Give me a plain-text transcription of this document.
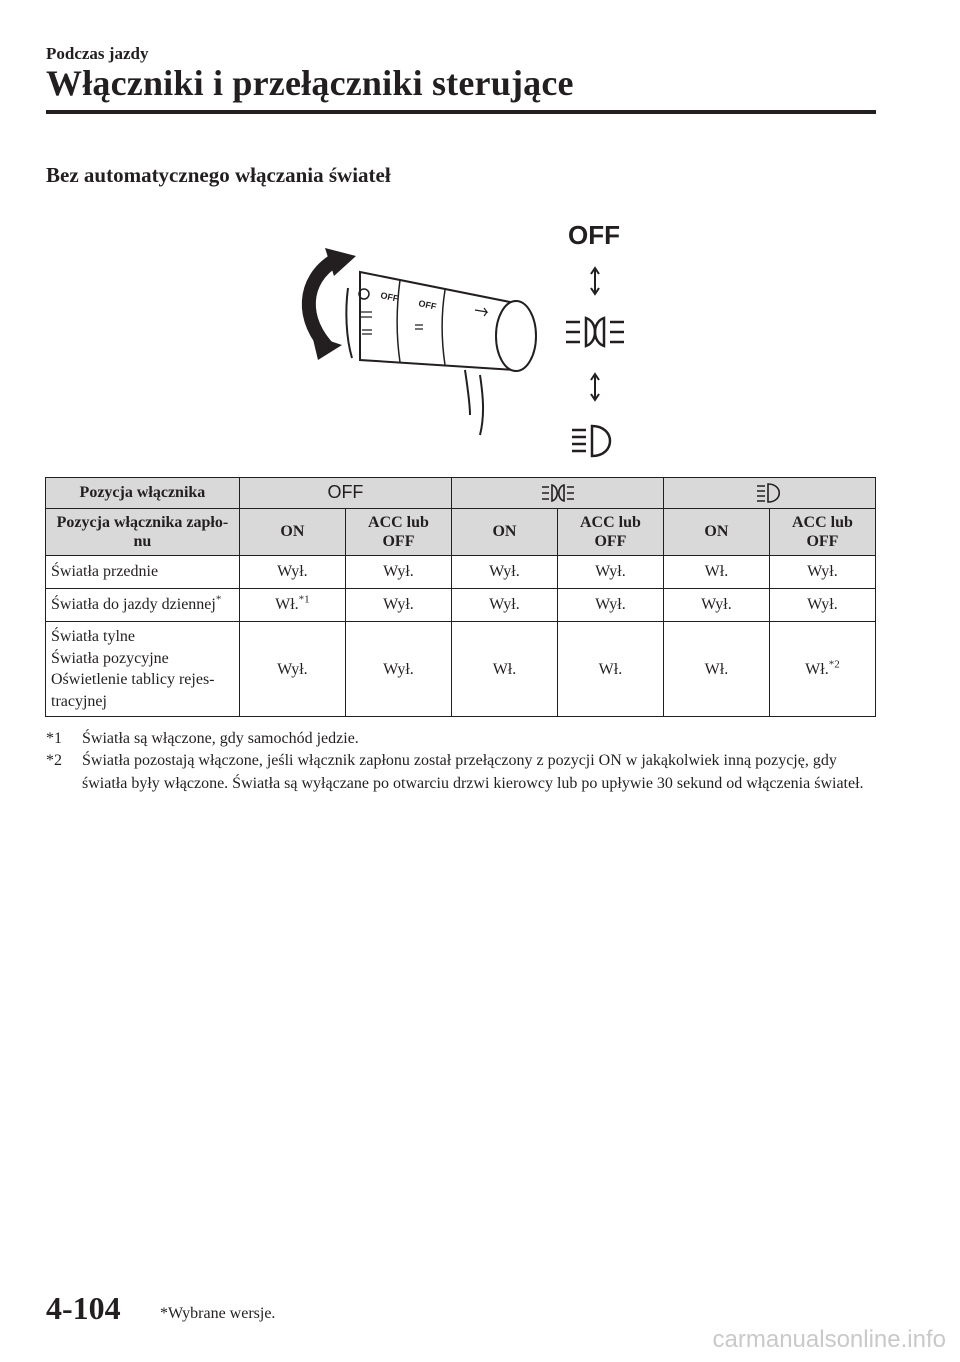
Podczas jazdy
Włączniki i przełączniki sterujące
Bez automatycznego włączania świateł
OFF
OFF
OFF
Pozycja włącznika	OFF	

Pozycja włącznika zapło-nu	ON	ACC lub OFF	ON	ACC lub OFF	ON	ACC lub OFF
Światła przednie	Wył.	Wył.	Wył.	Wył.	Wł.	Wył.
Światła do jazdy dziennej*	Wł.$^{*1}$	Wył.	Wył.	Wył.	Wył.	Wył.

Światła tylne
Światła pozycyjne
Oświetlenie tablicy rejes-
tracyjnej	Wył.	Wył.	Wł.	Wł.	Wł.	Wł.$^{*2}$
*1	Światła są włączone, gdy samochód jedzie.
*2	Światła pozostają włączone, jeśli włącznik zapłonu został przełączony z pozycji ON w jakąkolwiek inną pozycję, gdy światła były włączone. Światła są wyłączane po otwarciu drzwi kierowcy lub po upływie 30 sekund od włączenia świateł.
4-104 *Wybrane wersje.
carmanualsonline.info
